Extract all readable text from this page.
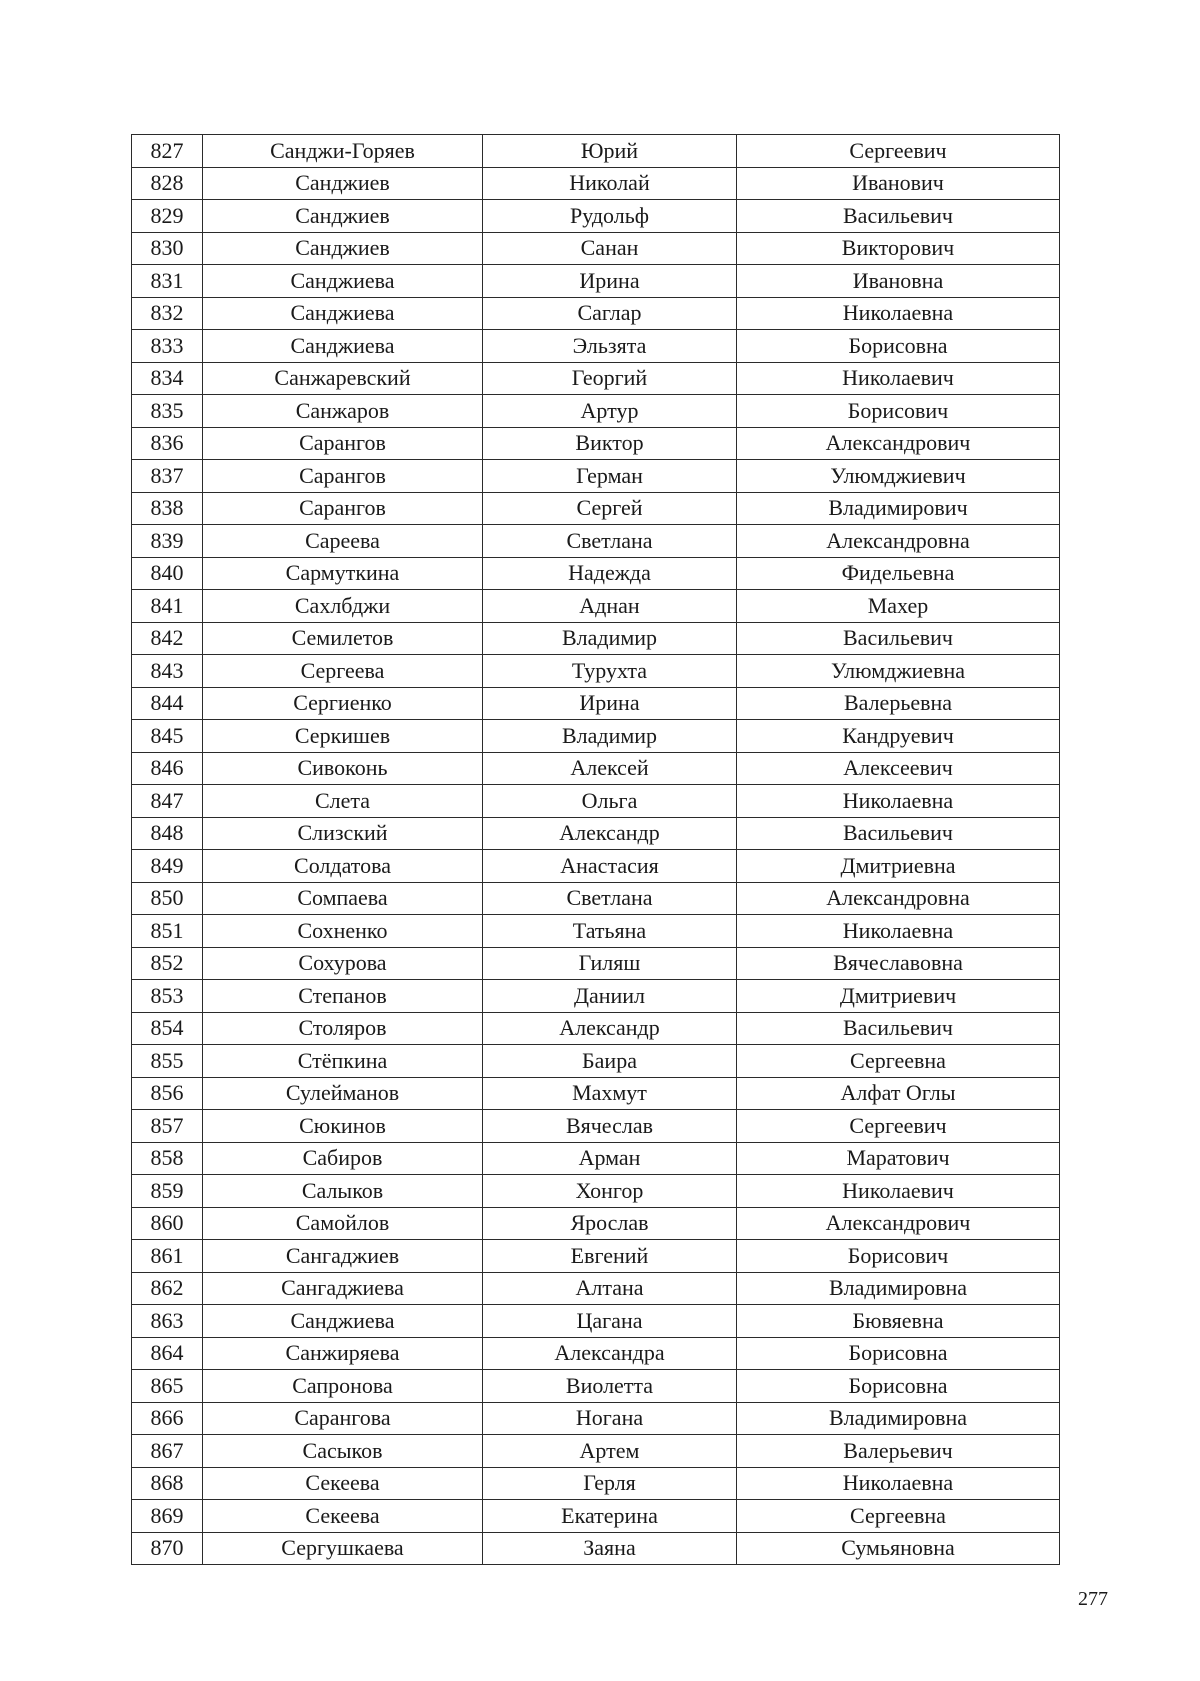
827	Санджи-Горяев	Юрий	Сергеевич
828	Санджиев	Николай	Иванович
829	Санджиев	Рудольф	Васильевич
830	Санджиев	Санан	Викторович
831	Санджиева	Ирина	Ивановна
832	Санджиева	Саглар	Николаевна
833	Санджиева	Эльзята	Борисовна
834	Санжаревский	Георгий	Николаевич
835	Санжаров	Артур	Борисович
836	Сарангов	Виктор	Александрович
837	Сарангов	Герман	Улюмджиевич
838	Сарангов	Сергей	Владимирович
839	Сареева	Светлана	Александровна
840	Сармуткина	Надежда	Фидельевна
841	Сахлбджи	Аднан	Махер
842	Семилетов	Владимир	Васильевич
843	Сергеева	Турухта	Улюмджиевна
844	Сергиенко	Ирина	Валерьевна
845	Серкишев	Владимир	Кандруевич
846	Сивоконь	Алексей	Алексеевич
847	Слета	Ольга	Николаевна
848	Слизский	Александр	Васильевич
849	Солдатова	Анастасия	Дмитриевна
850	Сомпаева	Светлана	Александровна
851	Сохненко	Татьяна	Николаевна
852	Сохурова	Гиляш	Вячеславовна
853	Степанов	Даниил	Дмитриевич
854	Столяров	Александр	Васильевич
855	Стёпкина	Баира	Сергеевна
856	Сулейманов	Махмут	Алфат Оглы
857	Сюкинов	Вячеслав	Сергеевич
858	Сабиров	Арман	Маратович
859	Салыков	Хонгор	Николаевич
860	Самойлов	Ярослав	Александрович
861	Сангаджиев	Евгений	Борисович
862	Сангаджиева	Алтана	Владимировна
863	Санджиева	Цагана	Бювяевна
864	Санжиряева	Александра	Борисовна
865	Сапронова	Виолетта	Борисовна
866	Сарангова	Ногана	Владимировна
867	Сасыков	Артем	Валерьевич
868	Секеева	Герля	Николаевна
869	Секеева	Екатерина	Сергеевна
870	Сергушкаева	Заяна	Сумьяновна
277
